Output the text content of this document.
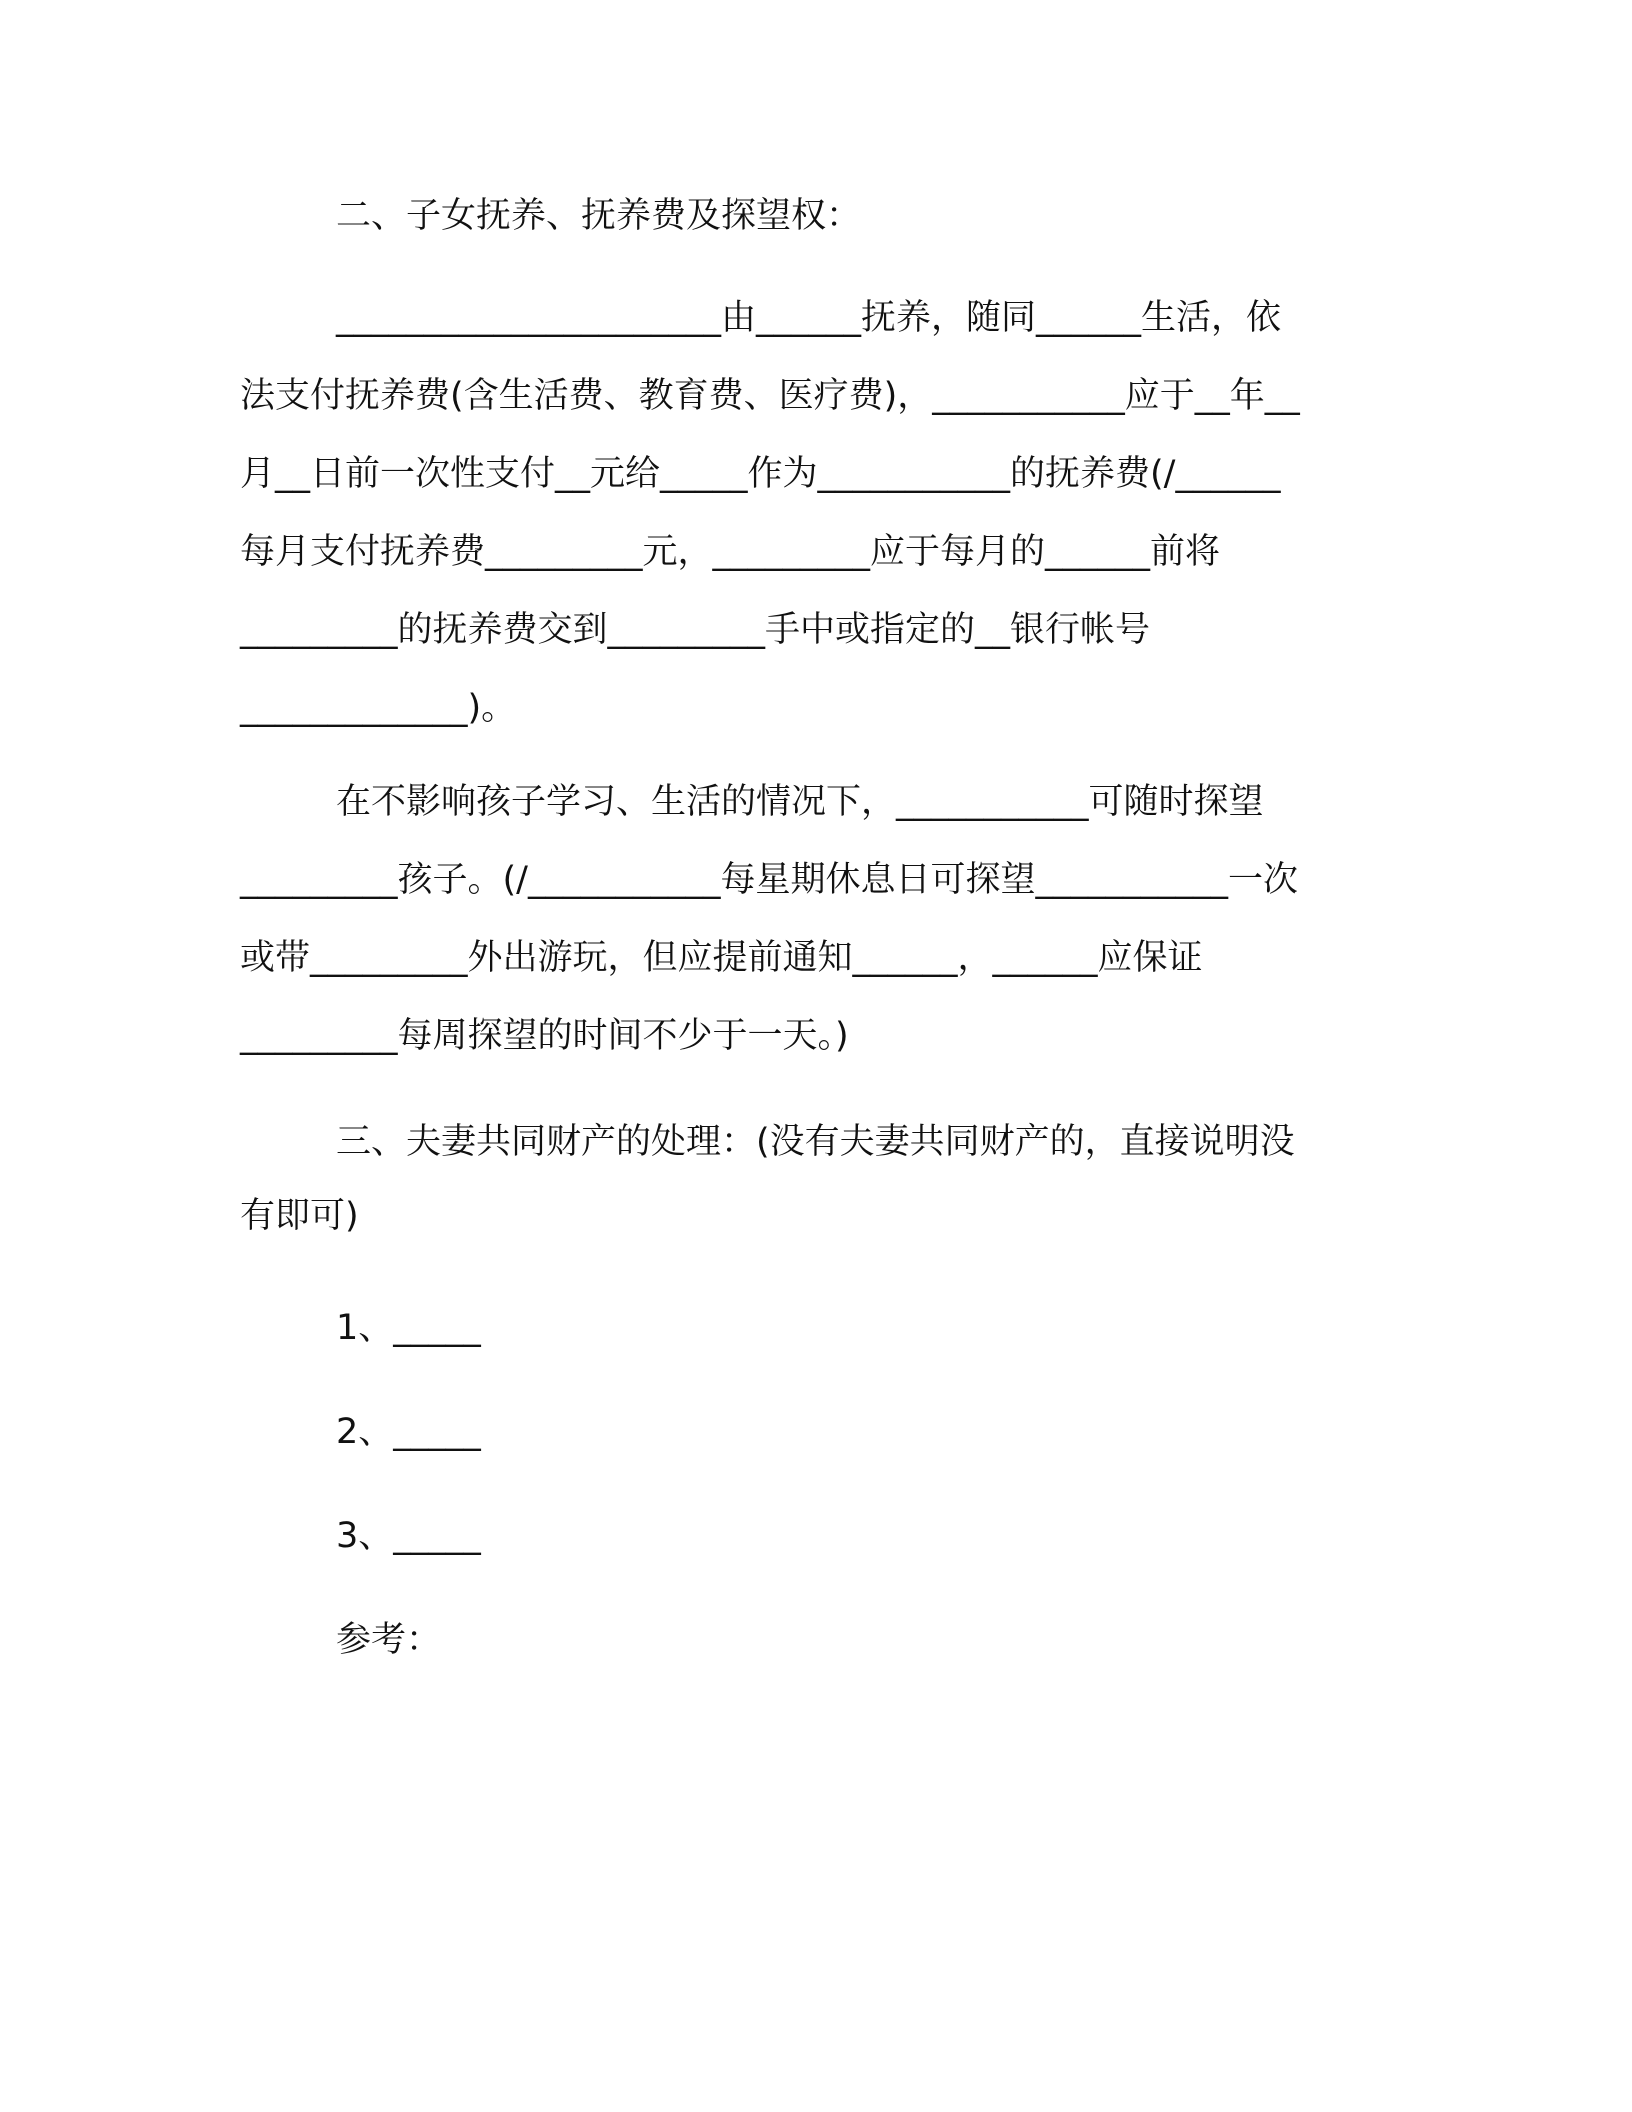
二、子女抚养、抚养费及探望权：
______________________由______抚养，随同______生活，依
法支付抚养费(含生活费、教育费、医疗费)，___________应于__年__
月__日前一次性支付__元给_____作为___________的抚养费(/______
每月支付抚养费_________元，_________应于每月的______前将
_________的抚养费交到_________手中或指定的__银行帐号
_____________)。
在不影响孩子学习、生活的情况下，___________可随时探望
_________孩子。(/___________每星期休息日可探望___________一次
或带_________外出游玩，但应提前通知______，______应保证
_________每周探望的时间不少于一天。)
三、夫妻共同财产的处理：(没有夫妻共同财产的，直接说明没
有即可)
1、_____
2、_____
3、_____
参考：
